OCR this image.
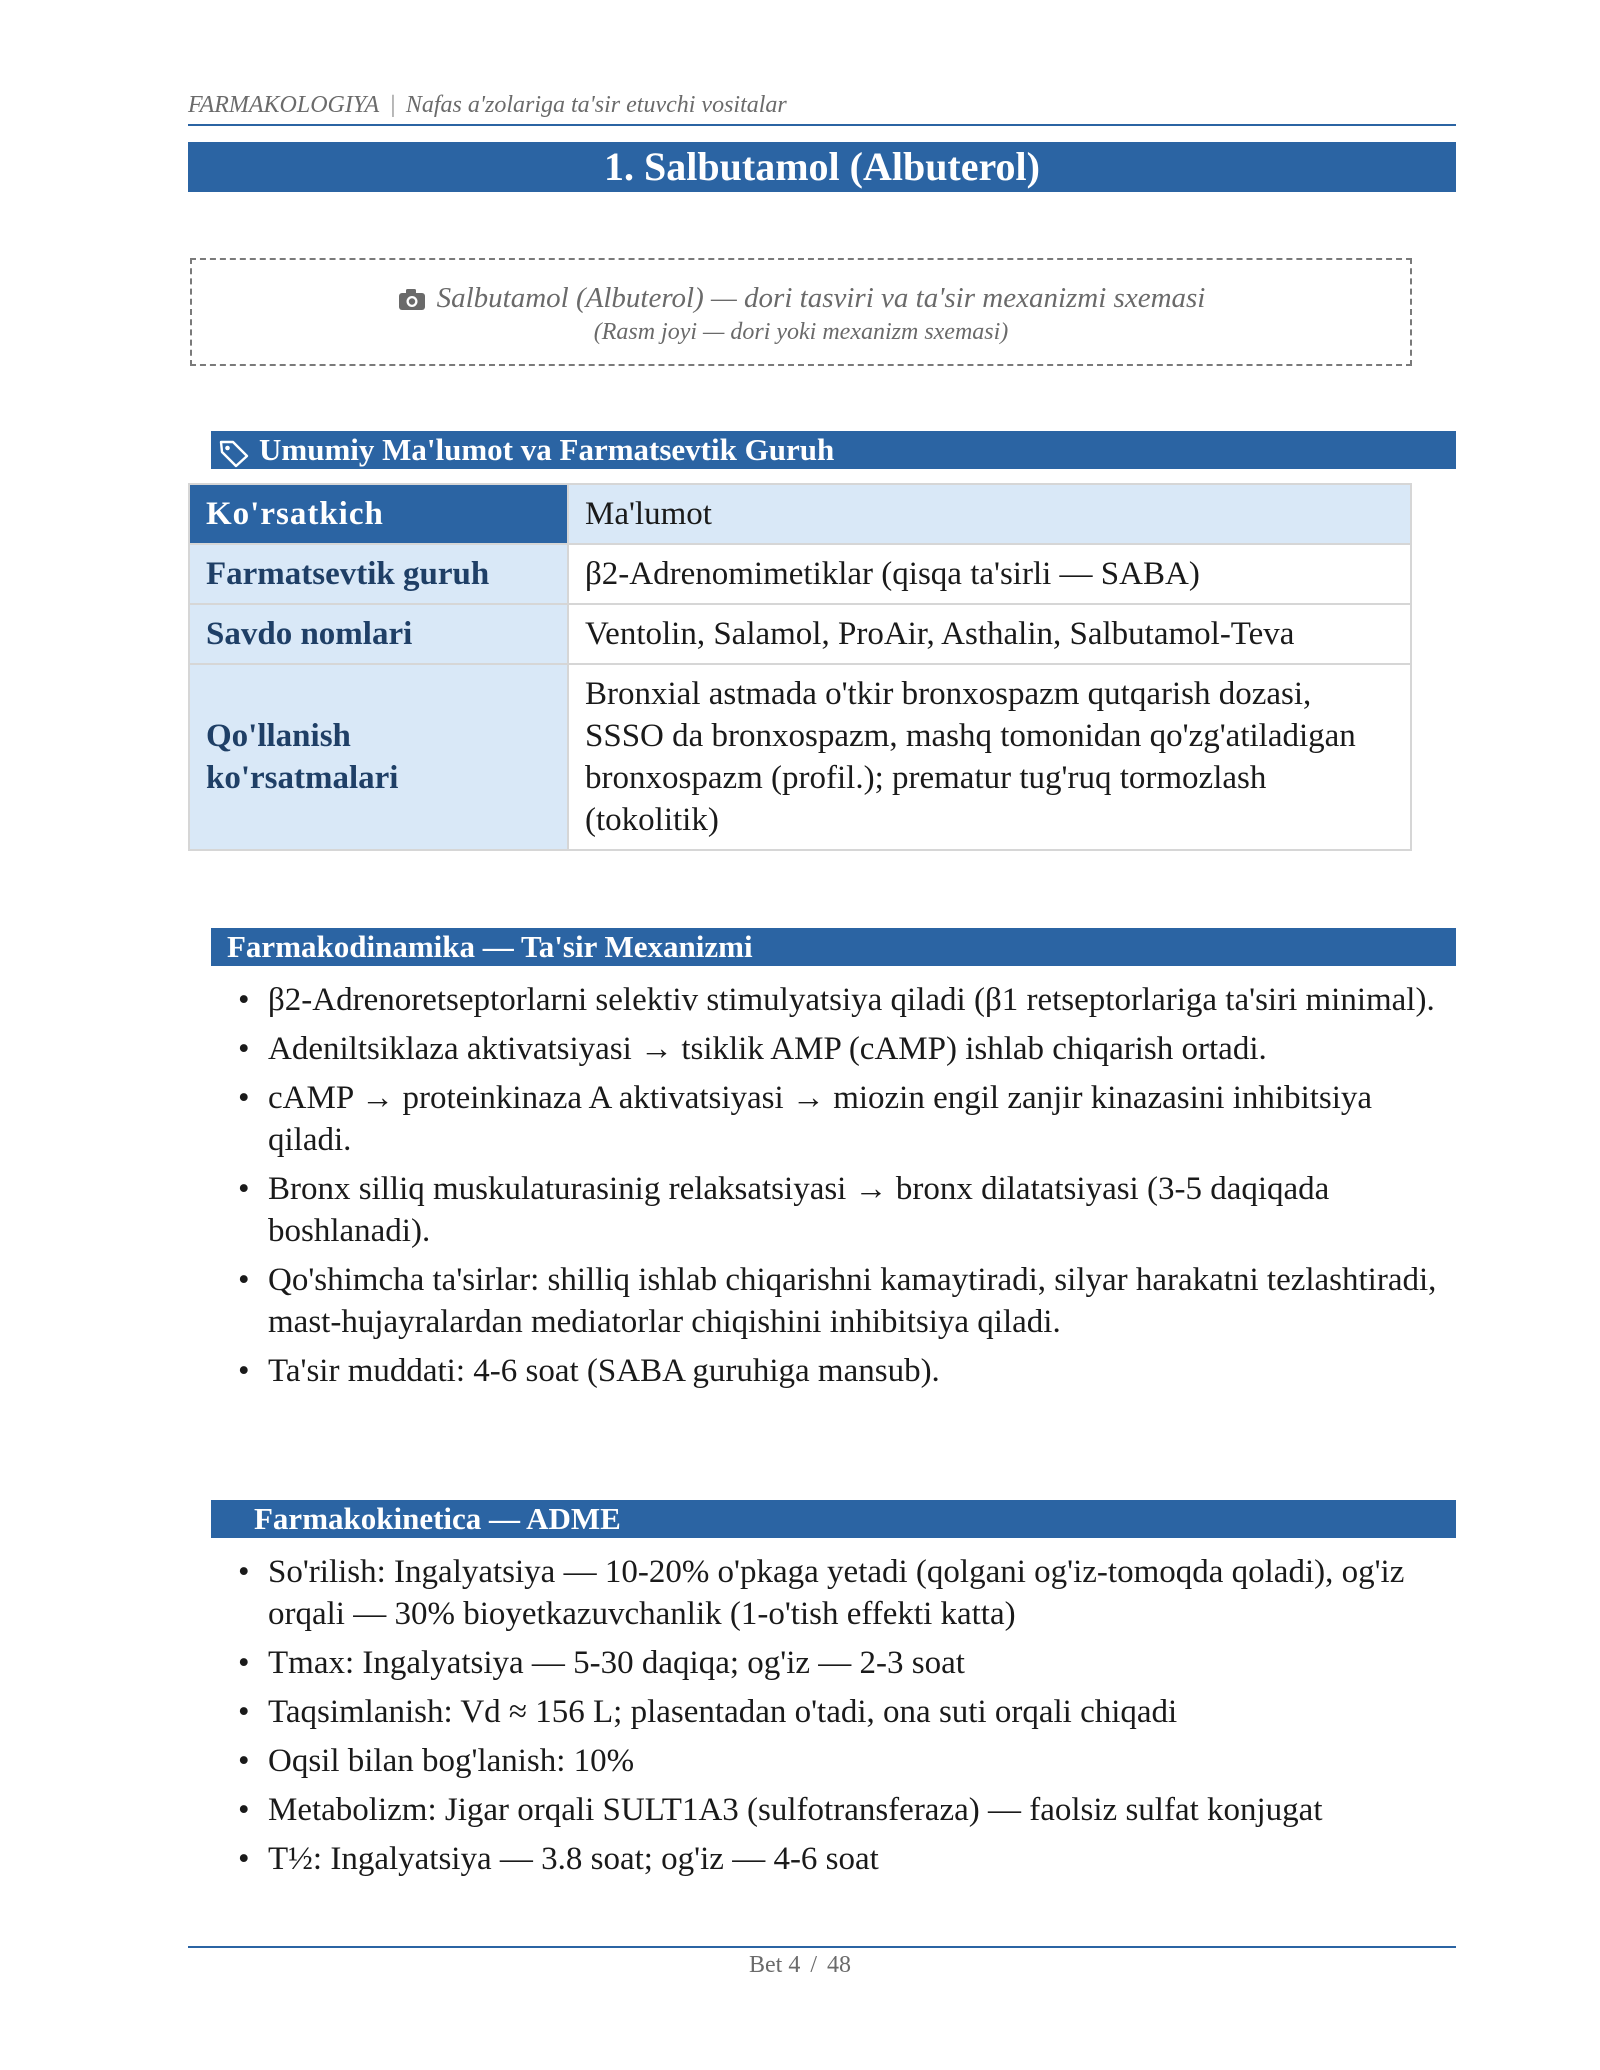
FARMAKOLOGIYA | Nafas a'zolariga ta'sir etuvchi vositalar
1. Salbutamol (Albuterol)
Salbutamol (Albuterol) — dori tasviri va ta'sir mexanizmi sxemasi
(Rasm joyi — dori yoki mexanizm sxemasi)
Umumiy Ma'lumot va Farmatsevtik Guruh
Ko'rsatkich	Ma'lumot
Farmatsevtik guruh	β2-Adrenomimetiklar (qisqa ta'sirli — SABA)
Savdo nomlari	Ventolin, Salamol, ProAir, Asthalin, Salbutamol-Teva
Qo'llanish ko'rsatmalari	Bronxial astmada o'tkir bronxospazm qutqarish dozasi, SSSO da bronxospazm, mashq tomonidan qo'zg'atiladigan bronxospazm (profil.); prematur tug'ruq tormozlash (tokolitik)
Farmakodinamika — Ta'sir Mexanizmi
• β2-Adrenoretseptorlarni selektiv stimulyatsiya qiladi (β1 retseptorlariga ta'siri minimal).
• Adeniltsiklaza aktivatsiyasi → tsiklik AMP (cAMP) ishlab chiqarish ortadi.
• cAMP → proteinkinaza A aktivatsiyasi → miozin engil zanjir kinazasini inhibitsiya qiladi.
• Bronx silliq muskulaturasinig relaksatsiyasi → bronx dilatatsiyasi (3-5 daqiqada boshlanadi).
• Qo'shimcha ta'sirlar: shilliq ishlab chiqarishni kamaytiradi, silyar harakatni tezlashtiradi, mast-hujayralardan mediatorlar chiqishini inhibitsiya qiladi.
• Ta'sir muddati: 4-6 soat (SABA guruhiga mansub).
Farmakokinetica — ADME
• So'rilish: Ingalyatsiya — 10-20% o'pkaga yetadi (qolgani og'iz-tomoqda qoladi), og'iz orqali — 30% bioyetkazuvchanlik (1-o'tish effekti katta)
• Tmax: Ingalyatsiya — 5-30 daqiqa; og'iz — 2-3 soat
• Taqsimlanish: Vd ≈ 156 L; plasentadan o'tadi, ona suti orqali chiqadi
• Oqsil bilan bog'lanish: 10%
• Metabolizm: Jigar orqali SULT1A3 (sulfotransferaza) — faolsiz sulfat konjugat
• T½: Ingalyatsiya — 3.8 soat; og'iz — 4-6 soat
Bet 4 / 48
